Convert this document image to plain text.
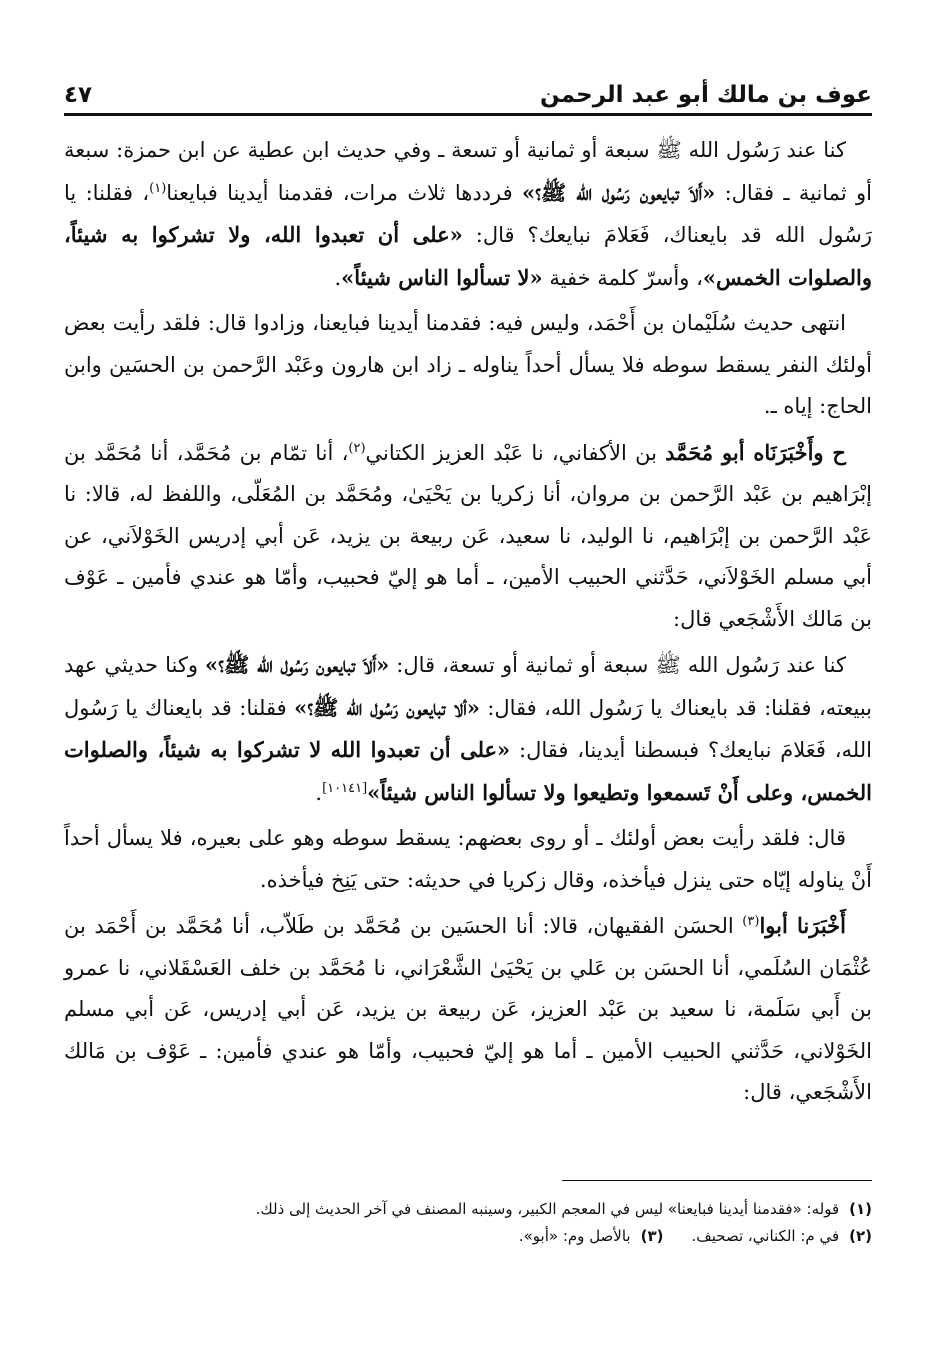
عوف بن مالك أبو عبد الرحمن
٤٧

كنا عند رَسُول الله ﷺ سبعة أو ثمانية أو تسعة ـ وفي حديث ابن عطية عن ابن حمزة: سبعة أو ثمانية ـ فقال: «أَلاَ تبايعون رَسُول الله ﷺ؟» فرددها ثلاث مرات، فقدمنا أيدينا فبايعنا$^{(١)}$، فقلنا: يا رَسُول الله قد بايعناك، فَعَلامَ نبايعك؟ قال: «على أن تعبدوا الله، ولا تشركوا به شيئاً، والصلوات الخمس»، وأسرّ كلمة خفية «لا تسألوا الناس شيئاً».

انتهى حديث سُلَيْمان بن أَحْمَد، وليس فيه: فقدمنا أيدينا فبايعنا، وزادوا قال: فلقد رأيت بعض أولئك النفر يسقط سوطه فلا يسأل أحداً يناوله ـ زاد ابن هارون وعَبْد الرَّحمن بن الحسَين وابن الحاج: إياه ـ.

ح وأَخْبَرَنَاه أبو مُحَمَّد بن الأكفاني، نا عَبْد العزيز الكتاني$^{(٢)}$، أنا تمّام بن مُحَمَّد، أنا مُحَمَّد بن إبْرَاهيم بن عَبْد الرَّحمن بن مروان، أنا زكريا بن يَحْيَىٰ، ومُحَمَّد بن المُعَلّى، واللفظ له، قالا: نا عَبْد الرَّحمن بن إبْرَاهيم، نا الوليد، نا سعيد، عَن ربيعة بن يزيد، عَن أبي إدريس الخَوْلاَني، عن أبي مسلم الخَوْلاَني، حَدَّثني الحبيب الأمين، ـ أما هو إليّ فحبيب، وأمّا هو عندي فأمين ـ عَوْف بن مَالك الأَشْجَعي قال:

كنا عند رَسُول الله ﷺ سبعة أو ثمانية أو تسعة، قال: «أَلاَ تبايعون رَسُول الله ﷺ؟» وكنا حديثي عهد ببيعته، فقلنا: قد بايعناك يا رَسُول الله، فقال: «ألا تبايعون رَسُول الله ﷺ؟» فقلنا: قد بايعناك يا رَسُول الله، فَعَلامَ نبايعك؟ فبسطنا أيدينا، فقال: «على أن تعبدوا الله لا تشركوا به شيئاً، والصلوات الخمس، وعلى أَنْ تَسمعوا وتطيعوا ولا تسألوا الناس شيئاً»[١٠١٤١].

قال: فلقد رأيت بعض أولئك ـ أو روى بعضهم: يسقط سوطه وهو على بعيره، فلا يسأل أحداً أَنْ يناوله إيّاه حتى ينزل فيأخذه، وقال زكريا في حديثه: حتى يَنِخ فيأخذه.

أَخْبَرَنا أبوا$^{(٣)}$ الحسَن الفقيهان، قالا: أنا الحسَين بن مُحَمَّد بن طَلاّب، أنا مُحَمَّد بن أَحْمَد بن عُثْمَان السُلَمي، أنا الحسَن بن عَلي بن يَحْيَىٰ الشَّعْرَاني، نا مُحَمَّد بن خلف العَسْقَلاني، نا عمرو بن أَبي سَلَمة، نا سعيد بن عَبْد العزيز، عَن ربيعة بن يزيد، عَن أبي إدريس، عَن أبي مسلم الخَوْلاني، حَدَّثني الحبيب الأمين ـ أما هو إليّ فحبيب، وأمّا هو عندي فأمين: ـ عَوْف بن مَالك الأَشْجَعي، قال:

(١)
قوله: «فقدمنا أيدينا فبايعنا» ليس في المعجم الكبير، وسينبه المصنف في آخر الحديث إلى ذلك.
(٢)
في م: الكناني، تصحيف.
(٣)
بالأصل وم: «أبو».
